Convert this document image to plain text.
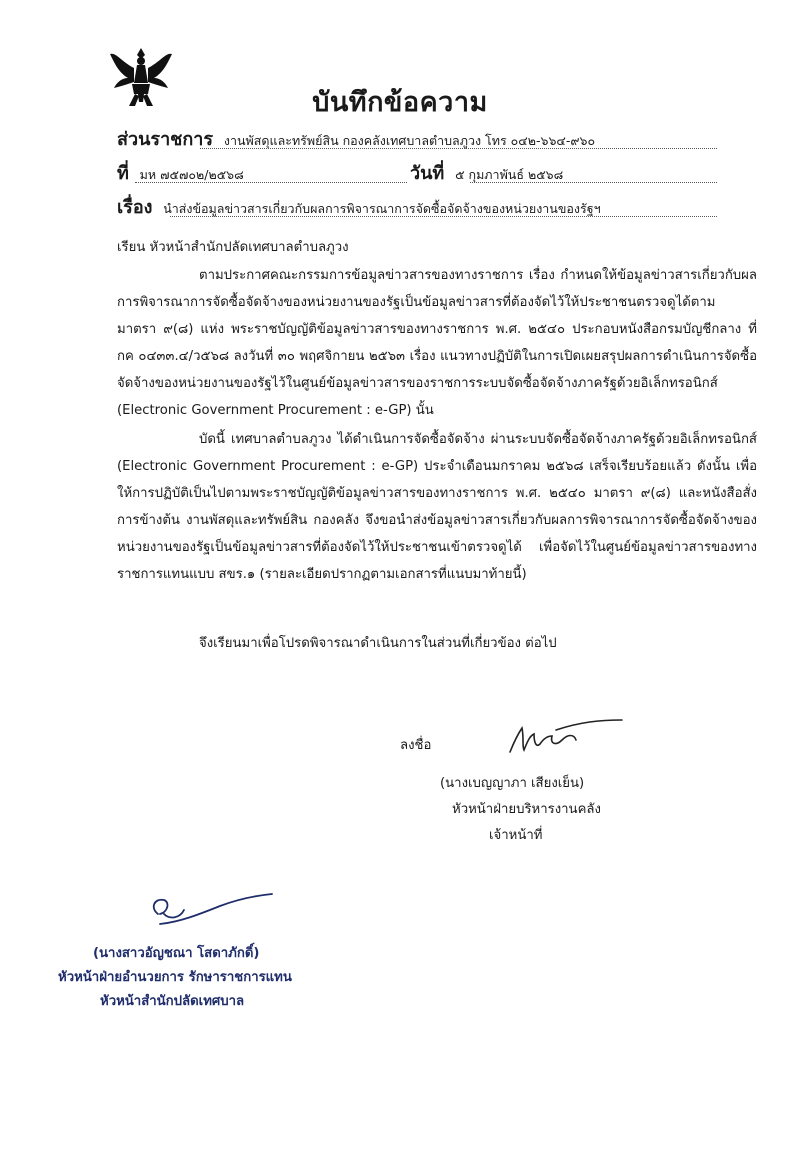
บันทึกข้อความ
ส่วนราชการ งานพัสดุและทรัพย์สิน กองคลังเทศบาลตำบลภูวง โทร ๐๔๒-๖๖๔-๙๖๐
ที่ มห ๗๕๗๐๒/๒๕๖๘	วันที่ ๕ กุมภาพันธ์ ๒๕๖๘
เรื่อง นำส่งข้อมูลข่าวสารเกี่ยวกับผลการพิจารณาการจัดซื้อจัดจ้างของหน่วยงานของรัฐฯ
เรียน หัวหน้าสำนักปลัดเทศบาลตำบลภูวง
ตามประกาศคณะกรรมการข้อมูลข่าวสารของทางราชการ เรื่อง กำหนดให้ข้อมูลข่าวสารเกี่ยวกับผลการพิจารณาการจัดซื้อจัดจ้างของหน่วยงานของรัฐเป็นข้อมูลข่าวสารที่ต้องจัดไว้ให้ประชาชนตรวจดูได้ตาม มาตรา ๙(๘) แห่ง พระราชบัญญัติข้อมูลข่าวสารของทางราชการ พ.ศ. ๒๕๔๐ ประกอบหนังสือกรมบัญชีกลาง ที่ กค ๐๔๓๓.๔/ว๕๖๘ ลงวันที่ ๓๐ พฤศจิกายน ๒๕๖๓ เรื่อง แนวทางปฏิบัติในการเปิดเผยสรุปผลการดำเนินการจัดซื้อจัดจ้างของหน่วยงานของรัฐไว้ในศูนย์ข้อมูลข่าวสารของราชการระบบจัดซื้อจัดจ้างภาครัฐด้วยอิเล็กทรอนิกส์ (Electronic Government Procurement : e-GP) นั้น
บัดนี้ เทศบาลตำบลภูวง ได้ดำเนินการจัดซื้อจัดจ้าง ผ่านระบบจัดซื้อจัดจ้างภาครัฐด้วยอิเล็กทรอนิกส์ (Electronic Government Procurement : e-GP) ประจำเดือนมกราคม ๒๕๖๘ เสร็จเรียบร้อยแล้ว ดังนั้น เพื่อให้การปฏิบัติเป็นไปตามพระราชบัญญัติข้อมูลข่าวสารของทางราชการ พ.ศ. ๒๕๔๐ มาตรา ๙(๘) และหนังสือสั่งการข้างต้น งานพัสดุและทรัพย์สิน กองคลัง จึงขอนำส่งข้อมูลข่าวสารเกี่ยวกับผลการพิจารณาการจัดซื้อจัดจ้างของหน่วยงานของรัฐเป็นข้อมูลข่าวสารที่ต้องจัดไว้ให้ประชาชนเข้าตรวจดูได้ เพื่อจัดไว้ในศูนย์ข้อมูลข่าวสารของทางราชการแทนแบบ สขร.๑ (รายละเอียดปรากฏตามเอกสารที่แนบมาท้ายนี้)
จึงเรียนมาเพื่อโปรดพิจารณาดำเนินการในส่วนที่เกี่ยวข้อง ต่อไป
ลงชื่อ
(นางเบญญาภา เสียงเย็น)
หัวหน้าฝ่ายบริหารงานคลัง
เจ้าหน้าที่
(นางสาวอัญชณา โสดาภักดิ์)
หัวหน้าฝ่ายอำนวยการ รักษาราชการแทน
หัวหน้าสำนักปลัดเทศบาล
